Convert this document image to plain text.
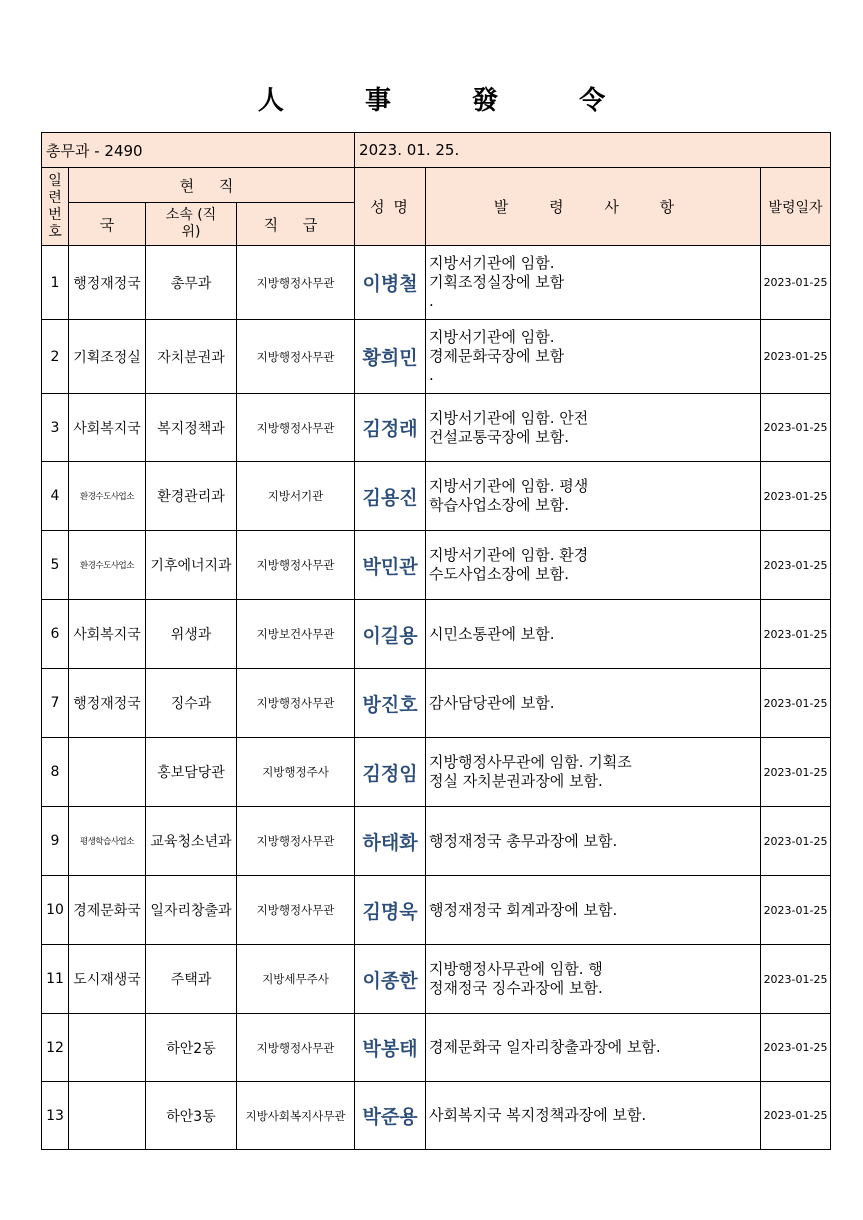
人 事 發 令
총무과 - 2490				2023. 01. 25.		

일련번호	현 직			성 명	발 령 사 항	발령일자
	국	소속 (직위)	직 급			
1	행정재정국	총무과	지방행정사무관	이병철	지방서기관에 임함.
기획조정실장에 보함
.	2023-01-25
2	기획조정실	자치분권과	지방행정사무관	황희민	지방서기관에 임함.
경제문화국장에 보함
.	2023-01-25
3	사회복지국	복지정책과	지방행정사무관	김정래	지방서기관에 임함. 안전
건설교통국장에 보함.	2023-01-25
4	환경수도사업소	환경관리과	지방서기관	김용진	지방서기관에 임함. 평생
학습사업소장에 보함.	2023-01-25
5	환경수도사업소	기후에너지과	지방행정사무관	박민관	지방서기관에 임함. 환경
수도사업소장에 보함.	2023-01-25
6	사회복지국	위생과	지방보건사무관	이길용	시민소통관에 보함.	2023-01-25
7	행정재정국	징수과	지방행정사무관	방진호	감사담당관에 보함.	2023-01-25
8		홍보담당관	지방행정주사	김정임	지방행정사무관에 임함. 기획조
정실 자치분권과장에 보함.	2023-01-25
9	평생학습사업소	교육청소년과	지방행정사무관	하태화	행정재정국 총무과장에 보함.	2023-01-25
10	경제문화국	일자리창출과	지방행정사무관	김명욱	행정재정국 회계과장에 보함.	2023-01-25
11	도시재생국	주택과	지방세무주사	이종한	지방행정사무관에 임함. 행
정재정국 징수과장에 보함.	2023-01-25
12		하안2동	지방행정사무관	박봉태	경제문화국 일자리창출과장에 보함.	2023-01-25
13		하안3동	지방사회복지사무관	박준용	사회복지국 복지정책과장에 보함.	2023-01-25
